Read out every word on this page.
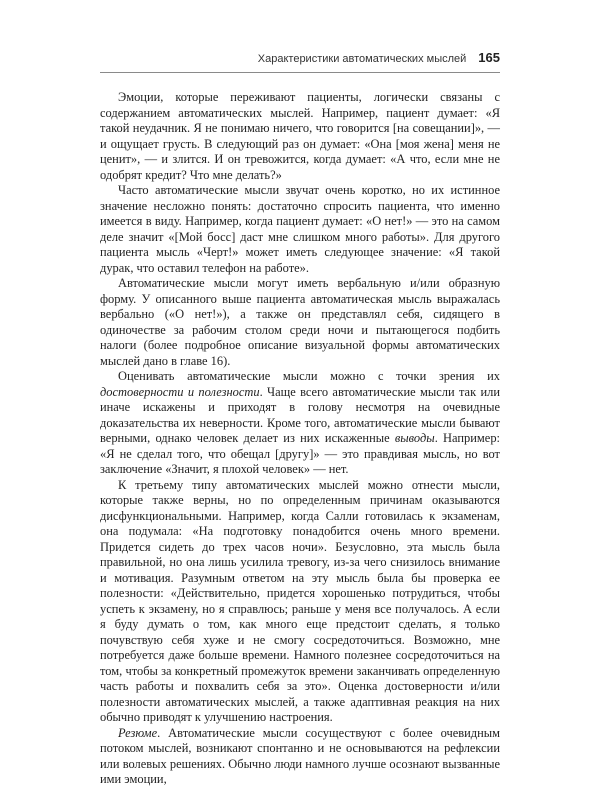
Характеристики автоматических мыслей 165

Эмоции, которые переживают пациенты, логически связаны с содержанием автоматических мыслей. Например, пациент думает: «Я такой неудачник. Я не понимаю ничего, что говорится [на совещании]», — и ощущает грусть. В следующий раз он думает: «Она [моя жена] меня не ценит», — и злится. И он тревожится, когда думает: «А что, если мне не одобрят кредит? Что мне делать?»

Часто автоматические мысли звучат очень коротко, но их истинное значение несложно понять: достаточно спросить пациента, что именно имеется в виду. Например, когда пациент думает: «О нет!» — это на самом деле значит «[Мой босс] даст мне слишком много работы». Для другого пациента мысль «Черт!» может иметь следующее значение: «Я такой дурак, что оставил телефон на работе».

Автоматические мысли могут иметь вербальную и/или образную форму. У описанного выше пациента автоматическая мысль выражалась вербально («О нет!»), а также он представлял себя, сидящего в одиночестве за рабочим столом среди ночи и пытающегося подбить налоги (более подробное описание визуальной формы автоматических мыслей дано в главе 16).

Оценивать автоматические мысли можно с точки зрения их достоверности и полезности. Чаще всего автоматические мысли так или иначе искажены и приходят в голову несмотря на очевидные доказательства их неверности. Кроме того, автоматические мысли бывают верными, однако человек делает из них искаженные выводы. Например: «Я не сделал того, что обещал [другу]» — это правдивая мысль, но вот заключение «Значит, я плохой человек» — нет.

К третьему типу автоматических мыслей можно отнести мысли, которые также верны, но по определенным причинам оказываются дисфункциональными. Например, когда Салли готовилась к экзаменам, она подумала: «На подготовку понадобится очень много времени. Придется сидеть до трех часов ночи». Безусловно, эта мысль была правильной, но она лишь усилила тревогу, из-за чего снизилось внимание и мотивация. Разумным ответом на эту мысль была бы проверка ее полезности: «Действительно, придется хорошенько потрудиться, чтобы успеть к экзамену, но я справлюсь; раньше у меня все получалось. А если я буду думать о том, как много еще предстоит сделать, я только почувствую себя хуже и не смогу сосредоточиться. Возможно, мне потребуется даже больше времени. Намного полезнее сосредоточиться на том, чтобы за конкретный промежуток времени заканчивать определенную часть работы и похвалить себя за это». Оценка достоверности и/или полезности автоматических мыслей, а также адаптивная реакция на них обычно приводят к улучшению настроения.

Резюме. Автоматические мысли сосуществуют с более очевидным потоком мыслей, возникают спонтанно и не основываются на рефлексии или волевых решениях. Обычно люди намного лучше осознают вызванные ими эмоции,
